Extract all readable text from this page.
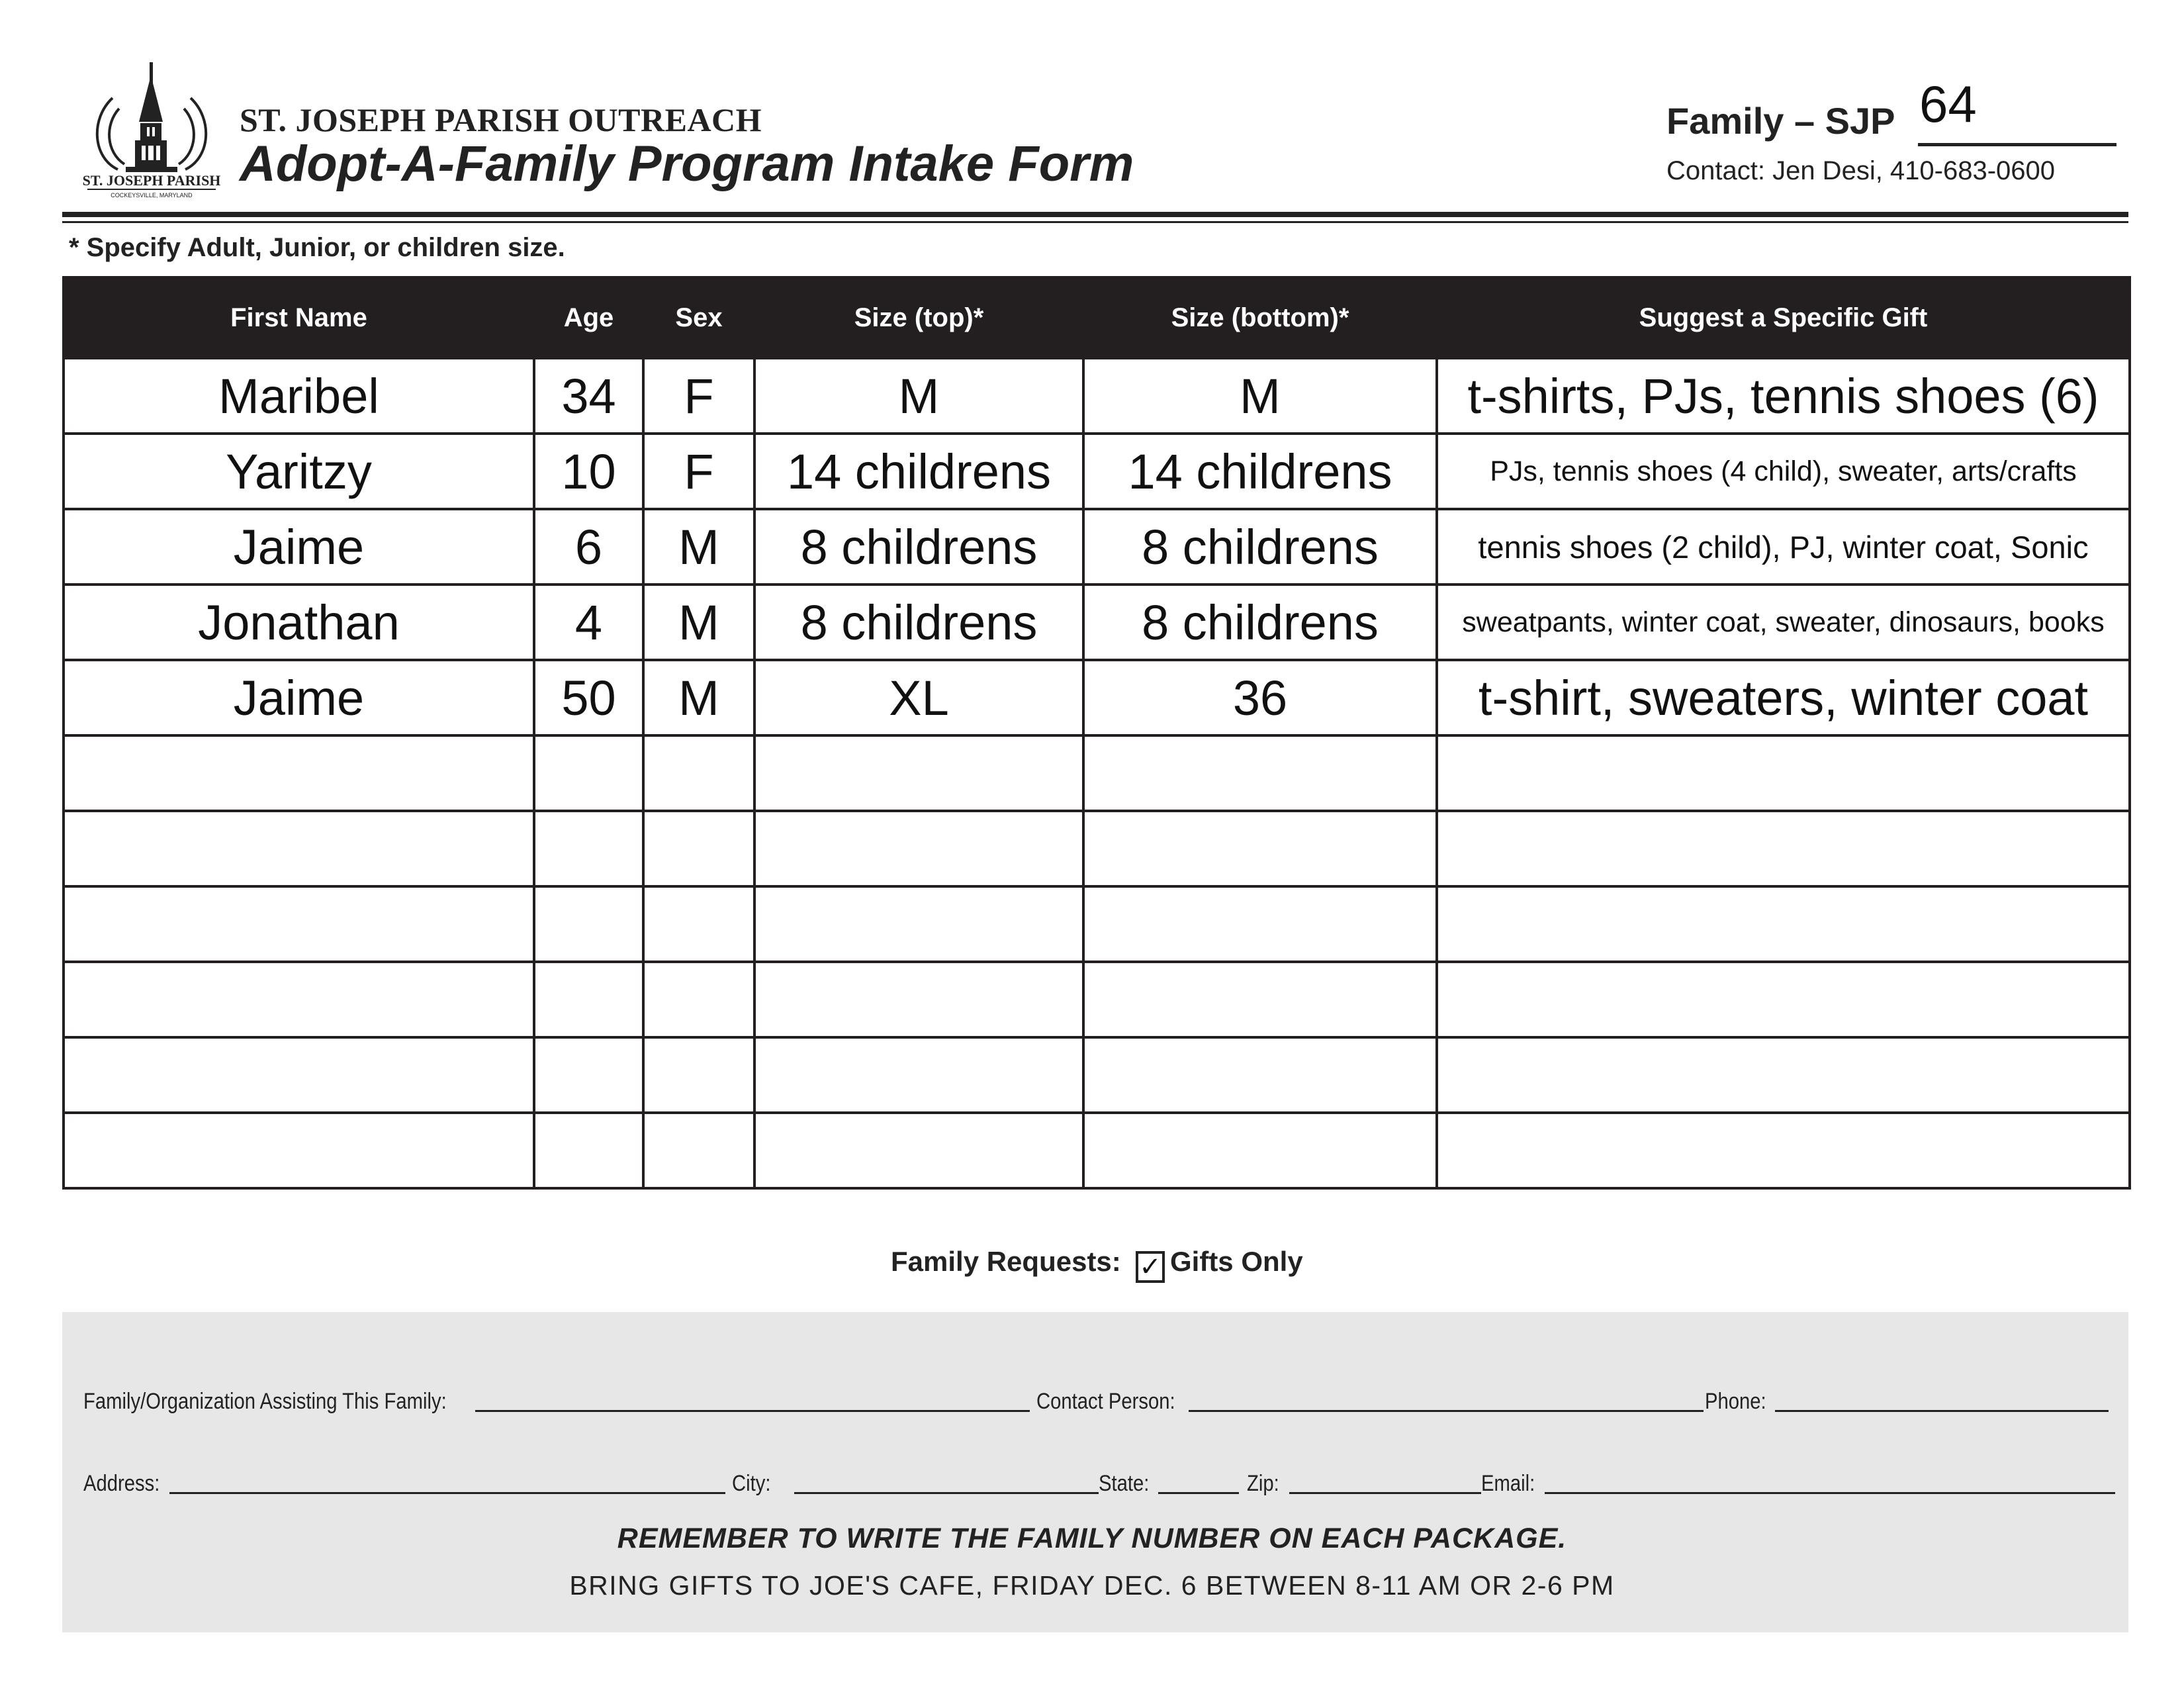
ST. JOSEPH PARISH
COCKEYSVILLE, MARYLAND
ST. JOSEPH PARISH OUTREACH
Adopt-A-Family Program Intake Form
Family – SJP 64
Contact: Jen Desi, 410-683-0600
* Specify Adult, Junior, or children size.
First Name	Age	Sex	Size (top)*	Size (bottom)*	Suggest a Specific Gift
Maribel	34	F	M	M	t-shirts, PJs, tennis shoes (6)
Yaritzy	10	F	14 childrens	14 childrens	PJs, tennis shoes (4 child), sweater, arts/crafts
Jaime	6	M	8 childrens	8 childrens	tennis shoes (2 child), PJ, winter coat, Sonic
Jonathan	4	M	8 childrens	8 childrens	sweatpants, winter coat, sweater, dinosaurs, books
Jaime	50	M	XL	36	t-shirt, sweaters, winter coat

Family Requests: ✓ Gifts Only
Family/Organization Assisting This Family:	Contact Person:	Phone:
Address:	City:	State:	Zip:	Email:
REMEMBER TO WRITE THE FAMILY NUMBER ON EACH PACKAGE.
BRING GIFTS TO JOE'S CAFE, FRIDAY DEC. 6 BETWEEN 8-11 AM OR 2-6 PM
